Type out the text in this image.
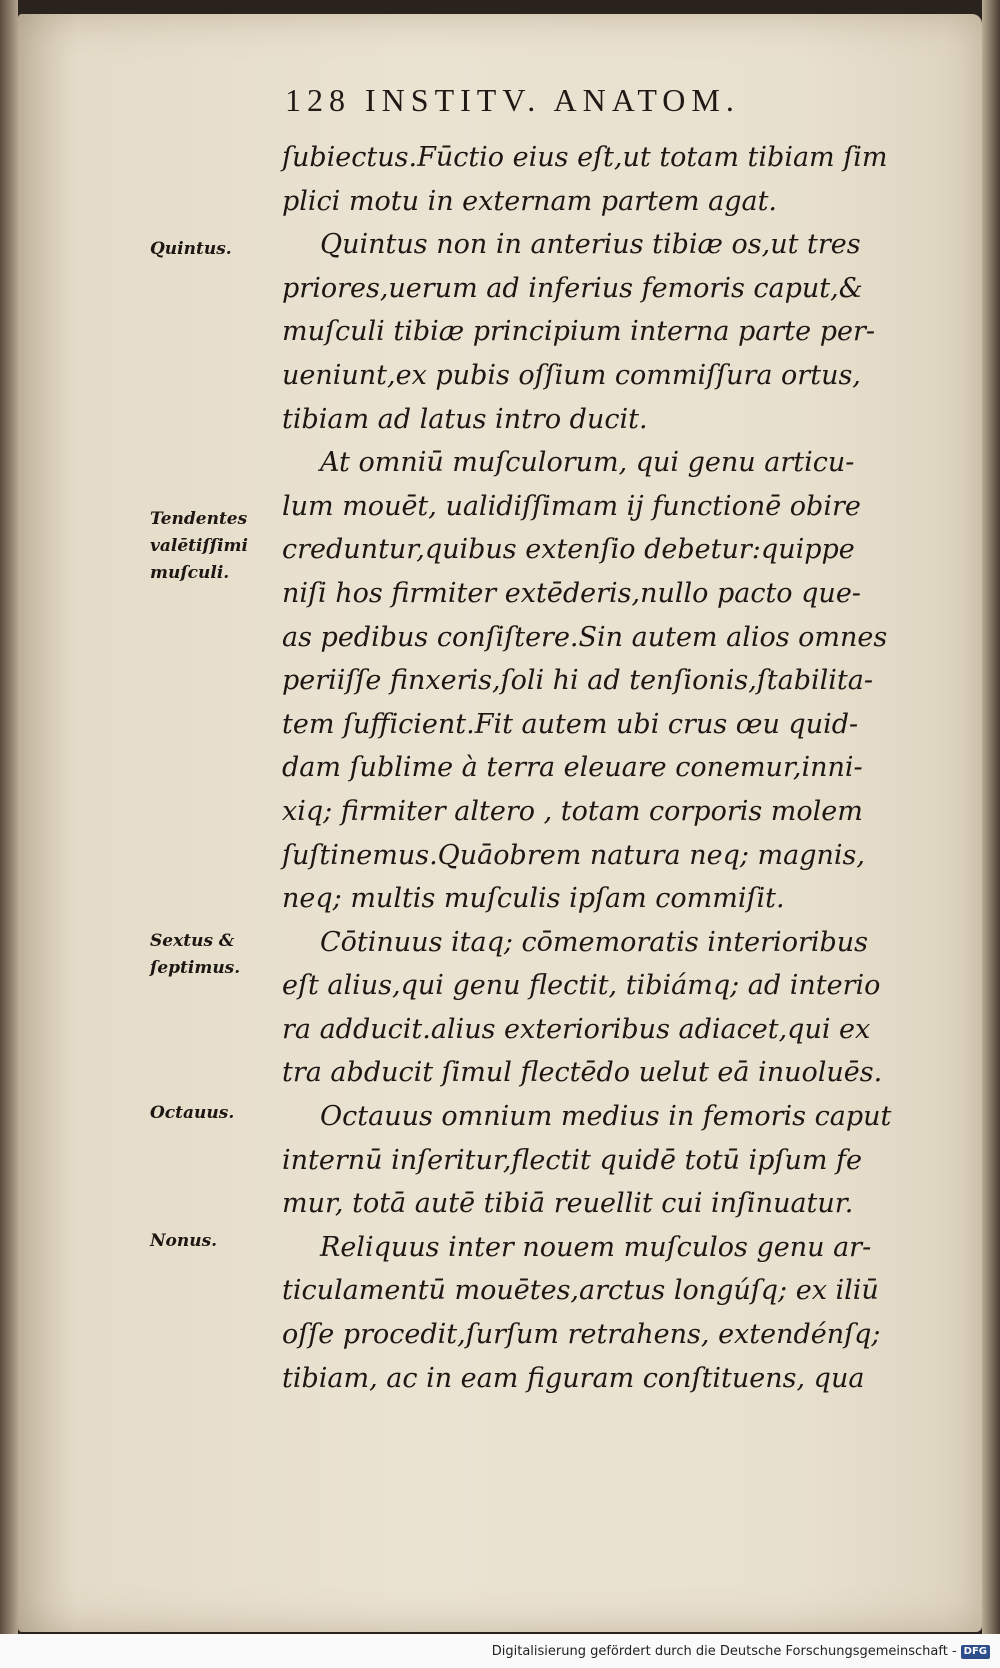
128 INSTITV. ANATOM.
ſubiectus.Fūctio eius eſt,ut totam tibiam ſim
plici motu in externam partem agat.
Quintus non in anterius tibiæ os,ut tres
priores,uerum ad inferius femoris caput,&
muſculi tibiæ principium interna parte per-
ueniunt,ex pubis oſſium commiſſura ortus,
tibiam ad latus intro ducit.
At omniū muſculorum, qui genu articu-
lum mouēt, ualidiſſimam ij functionē obire
creduntur,quibus extenſio debetur:quippe
niſi hos firmiter extēderis,nullo pacto que-
as pedibus conſiſtere.Sin autem alios omnes
periiſſe finxeris,ſoli hi ad tenſionis,ſtabilita-
tem ſufficient.Fit autem ubi crus œu quid-
dam ſublime à terra eleuare conemur,inni-
xiq; firmiter altero , totam corporis molem
ſuſtinemus.Quāobrem natura neq; magnis,
neq; multis muſculis ipſam commiſit.
Cōtinuus itaq; cōmemoratis interioribus
eſt alius,qui genu flectit, tibiámq; ad interio
ra adducit.alius exterioribus adiacet,qui ex
tra abducit ſimul flectēdo uelut eā inuoluēs.
Octauus omnium medius in femoris caput
internū inſeritur,flectit quidē totū ipſum fe
mur, totā autē tibiā reuellit cui inſinuatur.
Reliquus inter nouem muſculos genu ar-
ticulamentū mouētes,arctus longúſq; ex iliū
oſſe procedit,ſurſum retrahens, extendénſq;
tibiam, ac in eam figuram conſtituens, qua
Quintus.
Tendentes
valētiſſimi
muſculi.
Sextus &
ſeptimus.
Octauus.
Nonus.
Digitalisierung gefördert durch die Deutsche Forschungsgemeinschaft - DFG
